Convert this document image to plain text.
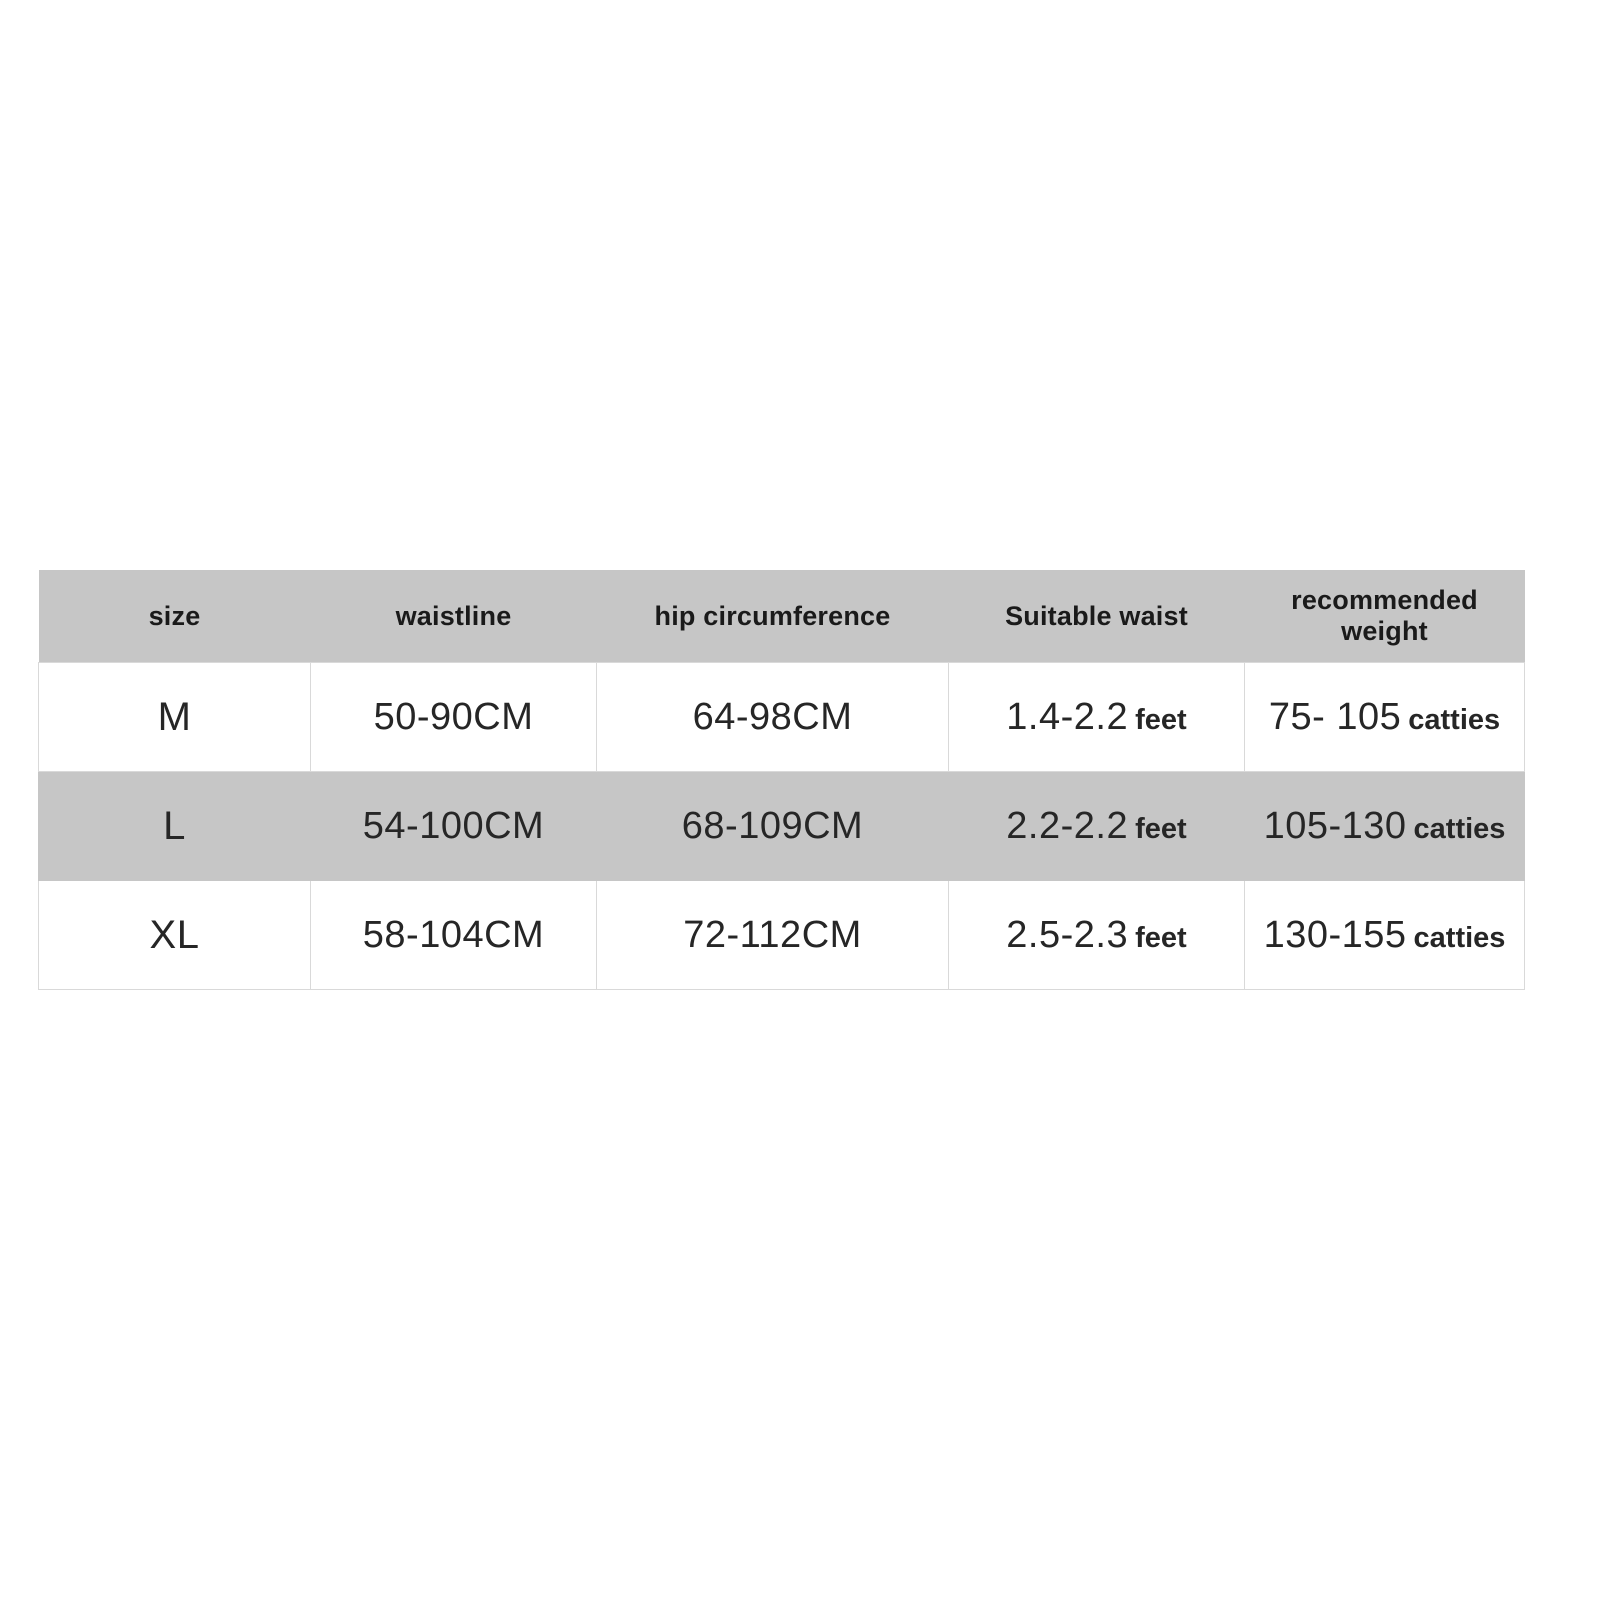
size	waistline	hip circumference	Suitable waist	recommended weight
M	50-90CM	64-98CM	1.4-2.2 feet	75- 105 catties

L	54-100CM	68-109CM	2.2-2.2 feet	105-130 catties

XL	58-104CM	72-112CM	2.5-2.3 feet	130-155 catties
